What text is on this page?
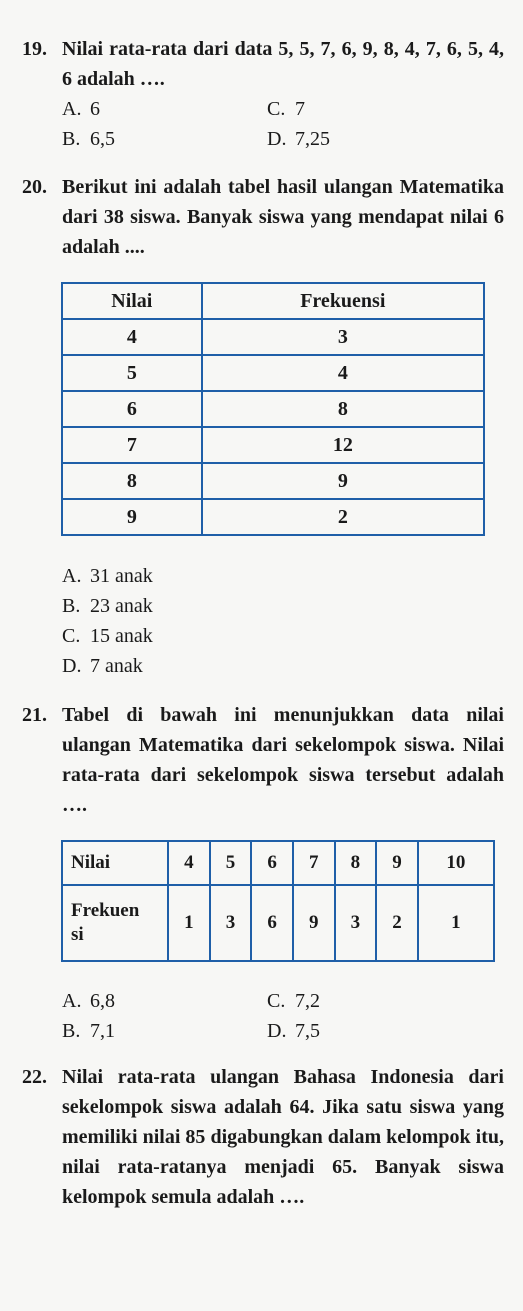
19. Nilai rata-rata dari data 5, 5, 7, 6, 9, 8, 4, 7, 6, 5, 4, 6 adalah ….
A. 6	C. 7
B. 6,5	D. 7,25
20. Berikut ini adalah tabel hasil ulangan Matematika dari 38 siswa. Banyak siswa yang mendapat nilai 6 adalah ....
Nilai	Frekuensi
4	3
5	4
6	8
7	12
8	9
9	2
A. 31 anak
B. 23 anak
C. 15 anak
D. 7 anak
21. Tabel di bawah ini menunjukkan data nilai ulangan Matematika dari sekelompok siswa. Nilai rata-rata dari sekelompok siswa tersebut adalah ….
Nilai	4	5	6	7	8	9	10
Frekuensi	1	3	6	9	3	2	1
A. 6,8	C. 7,2
B. 7,1	D. 7,5
22. Nilai rata-rata ulangan Bahasa Indonesia dari sekelompok siswa adalah 64. Jika satu siswa yang memiliki nilai 85 digabungkan dalam kelompok itu, nilai rata-ratanya menjadi 65. Banyak siswa kelompok semula adalah ….
